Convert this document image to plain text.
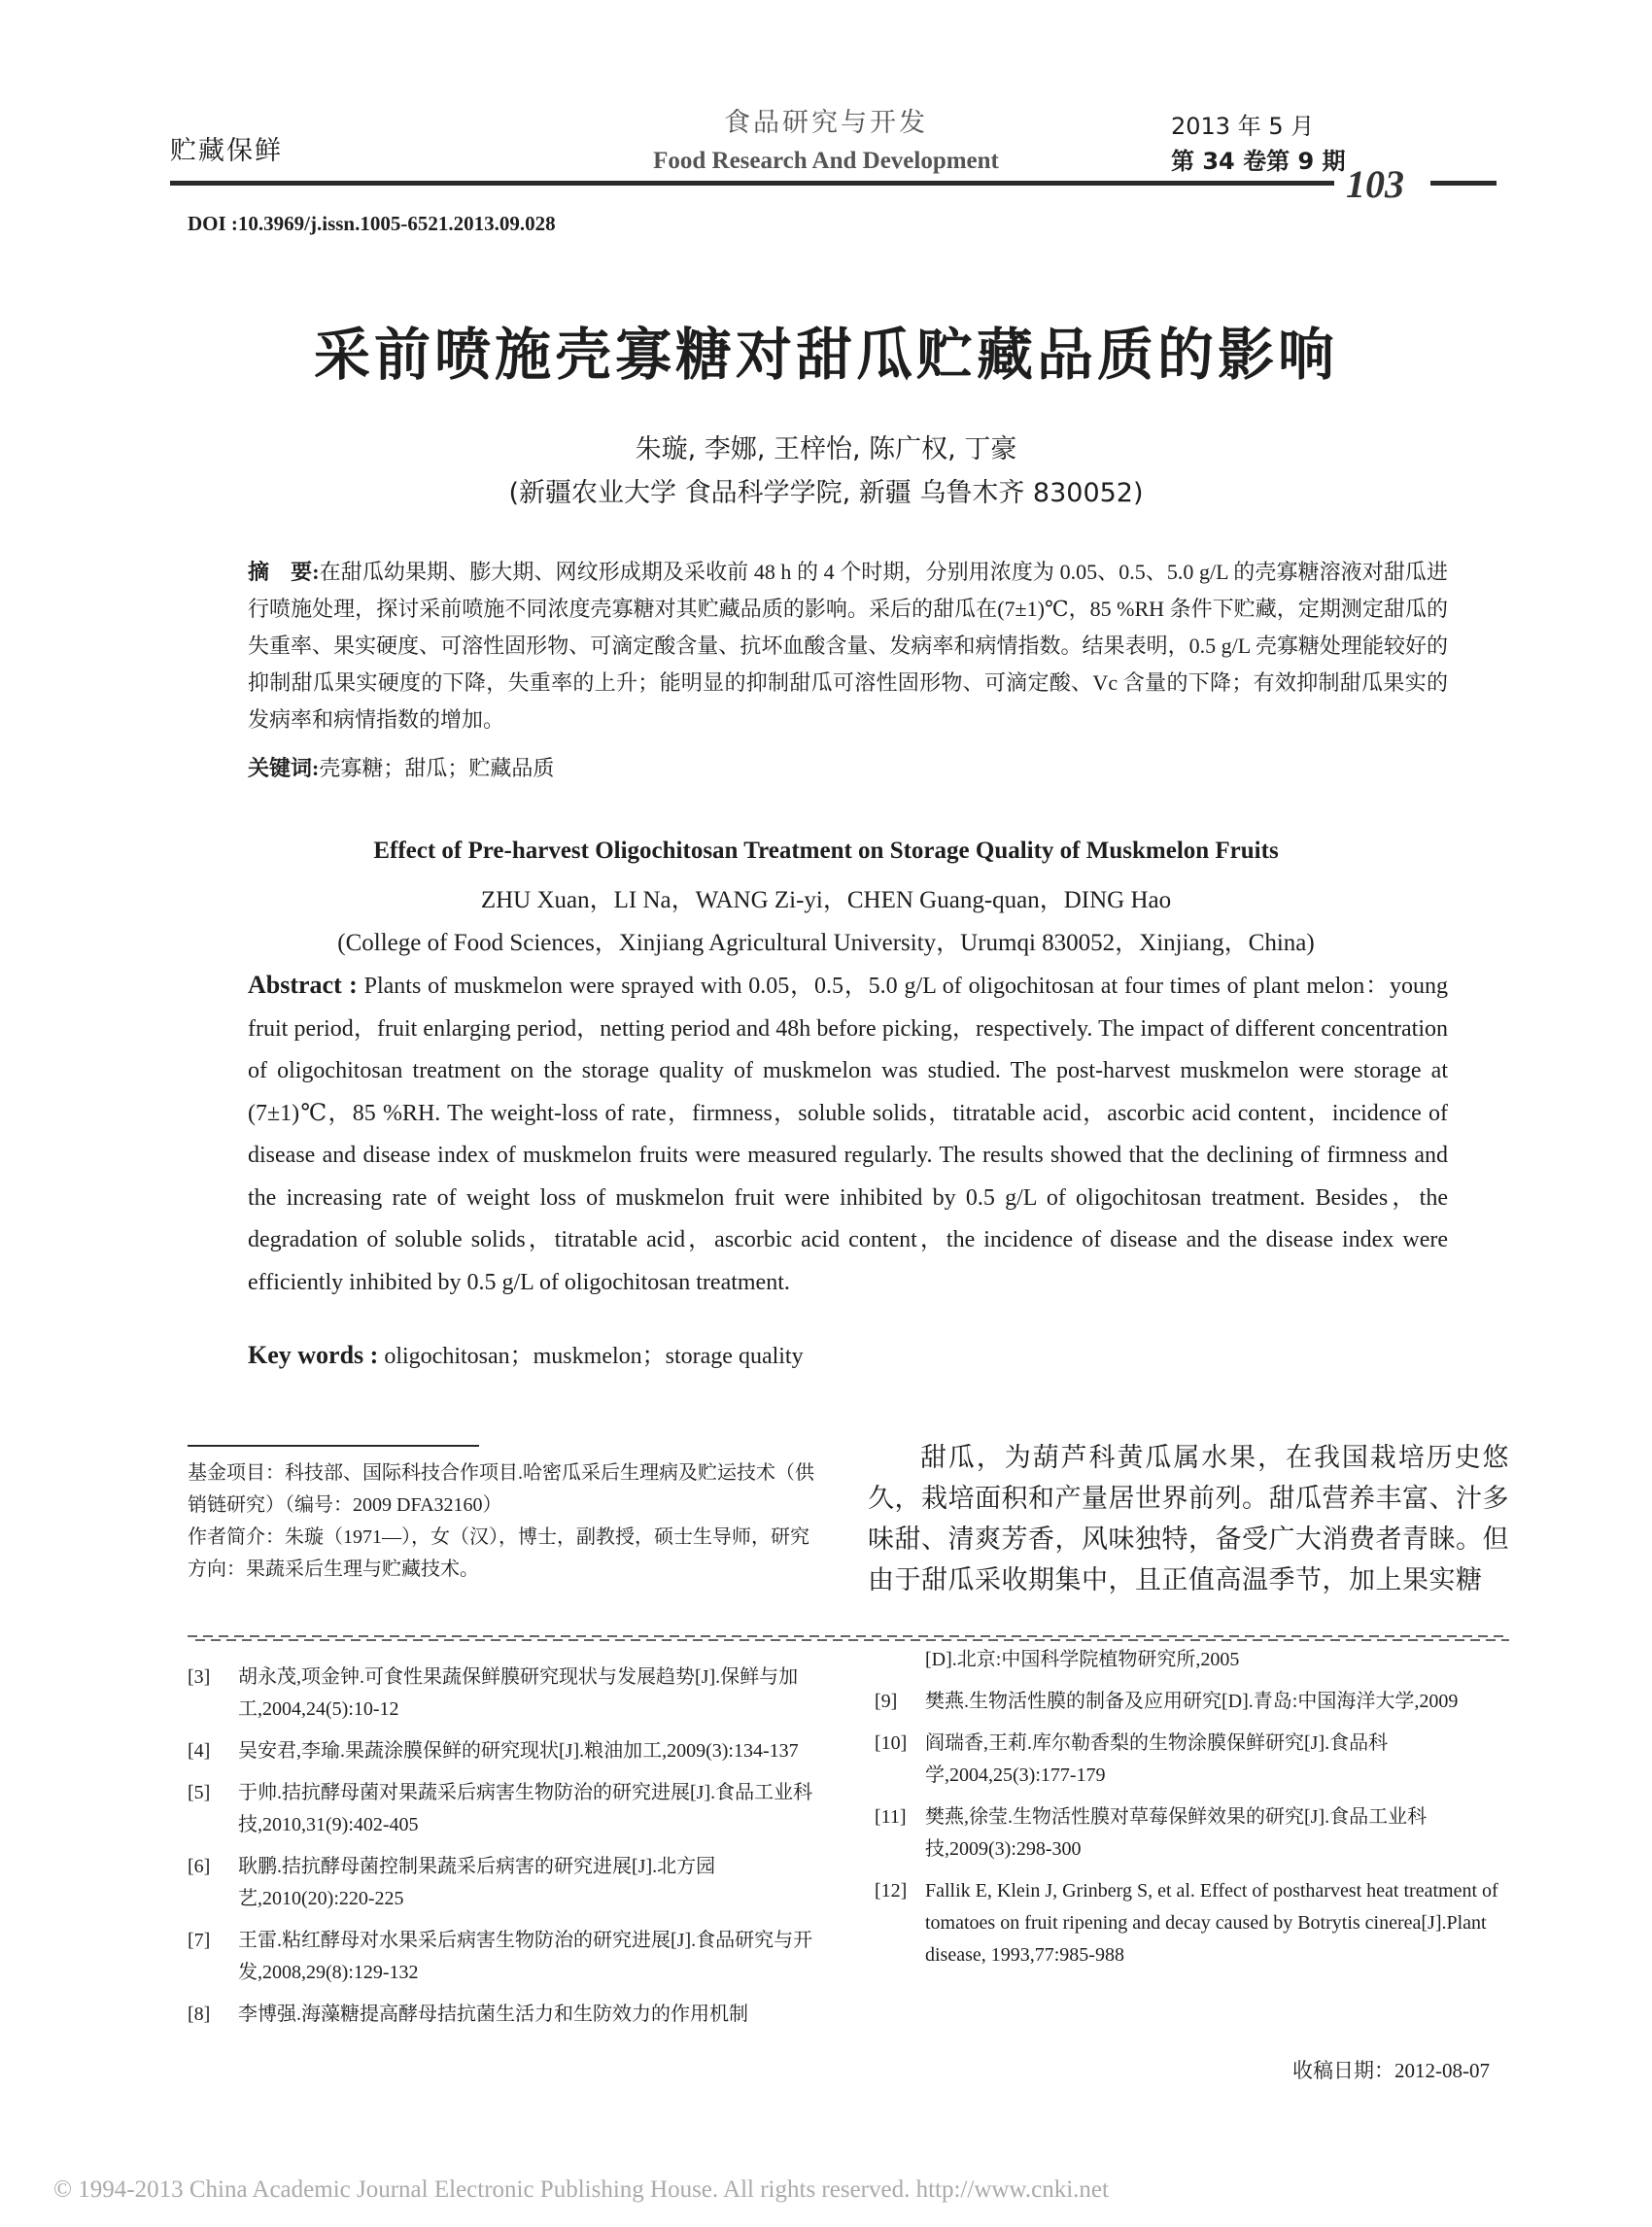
贮藏保鲜
食品研究与开发
Food Research And Development
2013 年 5 月
第 34 卷第 9 期
103
DOI :10.3969/j.issn.1005-6521.2013.09.028
采前喷施壳寡糖对甜瓜贮藏品质的影响
朱璇, 李娜, 王梓怡, 陈广权, 丁豪
(新疆农业大学 食品科学学院, 新疆 乌鲁木齐 830052)
摘　要:在甜瓜幼果期、膨大期、网纹形成期及采收前 48 h 的 4 个时期，分别用浓度为 0.05、0.5、5.0 g/L 的壳寡糖溶液对甜瓜进行喷施处理，探讨采前喷施不同浓度壳寡糖对其贮藏品质的影响。采后的甜瓜在(7±1)℃，85 %RH 条件下贮藏，定期测定甜瓜的失重率、果实硬度、可溶性固形物、可滴定酸含量、抗坏血酸含量、发病率和病情指数。结果表明，0.5 g/L 壳寡糖处理能较好的抑制甜瓜果实硬度的下降，失重率的上升；能明显的抑制甜瓜可溶性固形物、可滴定酸、Vc 含量的下降；有效抑制甜瓜果实的发病率和病情指数的增加。
关键词:壳寡糖；甜瓜；贮藏品质
Effect of Pre-harvest Oligochitosan Treatment on Storage Quality of Muskmelon Fruits
ZHU Xuan，LI Na，WANG Zi-yi，CHEN Guang-quan，DING Hao
(College of Food Sciences，Xinjiang Agricultural University，Urumqi 830052，Xinjiang，China)
Abstract : Plants of muskmelon were sprayed with 0.05，0.5，5.0 g/L of oligochitosan at four times of plant melon：young fruit period，fruit enlarging period，netting period and 48h before picking，respectively. The impact of different concentration of oligochitosan treatment on the storage quality of muskmelon was studied. The post-harvest muskmelon were storage at (7±1)℃，85 %RH. The weight-loss of rate，firmness，soluble solids，titratable acid，ascorbic acid content，incidence of disease and disease index of muskmelon fruits were measured regularly. The results showed that the declining of firmness and the increasing rate of weight loss of muskmelon fruit were inhibited by 0.5 g/L of oligochitosan treatment. Besides，the degradation of soluble solids，titratable acid，ascorbic acid content，the incidence of disease and the disease index were efficiently inhibited by 0.5 g/L of oligochitosan treatment.
Key words : oligochitosan；muskmelon；storage quality
基金项目：科技部、国际科技合作项目.哈密瓜采后生理病及贮运技术（供销链研究）（编号：2009 DFA32160）
作者简介：朱璇（1971—），女（汉），博士，副教授，硕士生导师，研究方向：果蔬采后生理与贮藏技术。
甜瓜，为葫芦科黄瓜属水果，在我国栽培历史悠久，栽培面积和产量居世界前列。甜瓜营养丰富、汁多味甜、清爽芳香，风味独特，备受广大消费者青睐。但由于甜瓜采收期集中，且正值高温季节，加上果实糖
[3] 胡永茂,项金钟.可食性果蔬保鲜膜研究现状与发展趋势[J].保鲜与加工,2004,24(5):10-12
[4] 吴安君,李瑜.果蔬涂膜保鲜的研究现状[J].粮油加工,2009(3):134-137
[5] 于帅.拮抗酵母菌对果蔬采后病害生物防治的研究进展[J].食品工业科技,2010,31(9):402-405
[6] 耿鹏.拮抗酵母菌控制果蔬采后病害的研究进展[J].北方园艺,2010(20):220-225
[7] 王雷.粘红酵母对水果采后病害生物防治的研究进展[J].食品研究与开发,2008,29(8):129-132
[8] 李博强.海藻糖提高酵母拮抗菌生活力和生防效力的作用机制
[D].北京:中国科学院植物研究所,2005
[9] 樊燕.生物活性膜的制备及应用研究[D].青岛:中国海洋大学,2009
[10] 阎瑞香,王莉.库尔勒香梨的生物涂膜保鲜研究[J].食品科学,2004,25(3):177-179
[11] 樊燕,徐莹.生物活性膜对草莓保鲜效果的研究[J].食品工业科技,2009(3):298-300
[12] Fallik E, Klein J, Grinberg S, et al. Effect of postharvest heat treatment of tomatoes on fruit ripening and decay caused by Botrytis cinerea[J].Plant disease, 1993,77:985-988
收稿日期：2012-08-07
© 1994-2013 China Academic Journal Electronic Publishing House. All rights reserved. http://www.cnki.net
